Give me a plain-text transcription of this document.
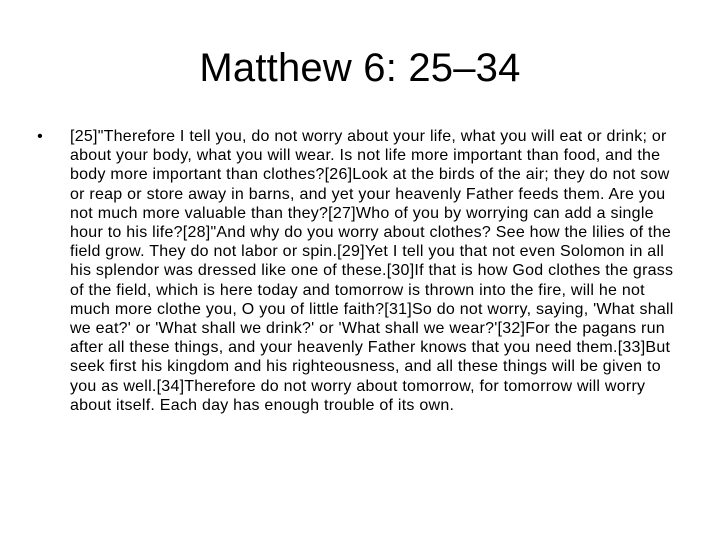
Matthew 6: 25–34
•	[25]"Therefore I tell you, do not worry about your life, what you will eat or drink; or about your body, what you will wear. Is not life more important than food, and the body more important than clothes?[26]Look at the birds of the air; they do not sow or reap or store away in barns, and yet your heavenly Father feeds them. Are you not much more valuable than they?[27]Who of you by worrying can add a single hour to his life?[28]"And why do you worry about clothes? See how the lilies of the field grow. They do not labor or spin.[29]Yet I tell you that not even Solomon in all his splendor was dressed like one of these.[30]If that is how God clothes the grass of the field, which is here today and tomorrow is thrown into the fire, will he not much more clothe you, O you of little faith?[31]So do not worry, saying, 'What shall we eat?' or 'What shall we drink?' or 'What shall we wear?'[32]For the pagans run after all these things, and your heavenly Father knows that you need them.[33]But seek first his kingdom and his righteousness, and all these things will be given to you as well.[34]Therefore do not worry about tomorrow, for tomorrow will worry about itself. Each day has enough trouble of its own.
